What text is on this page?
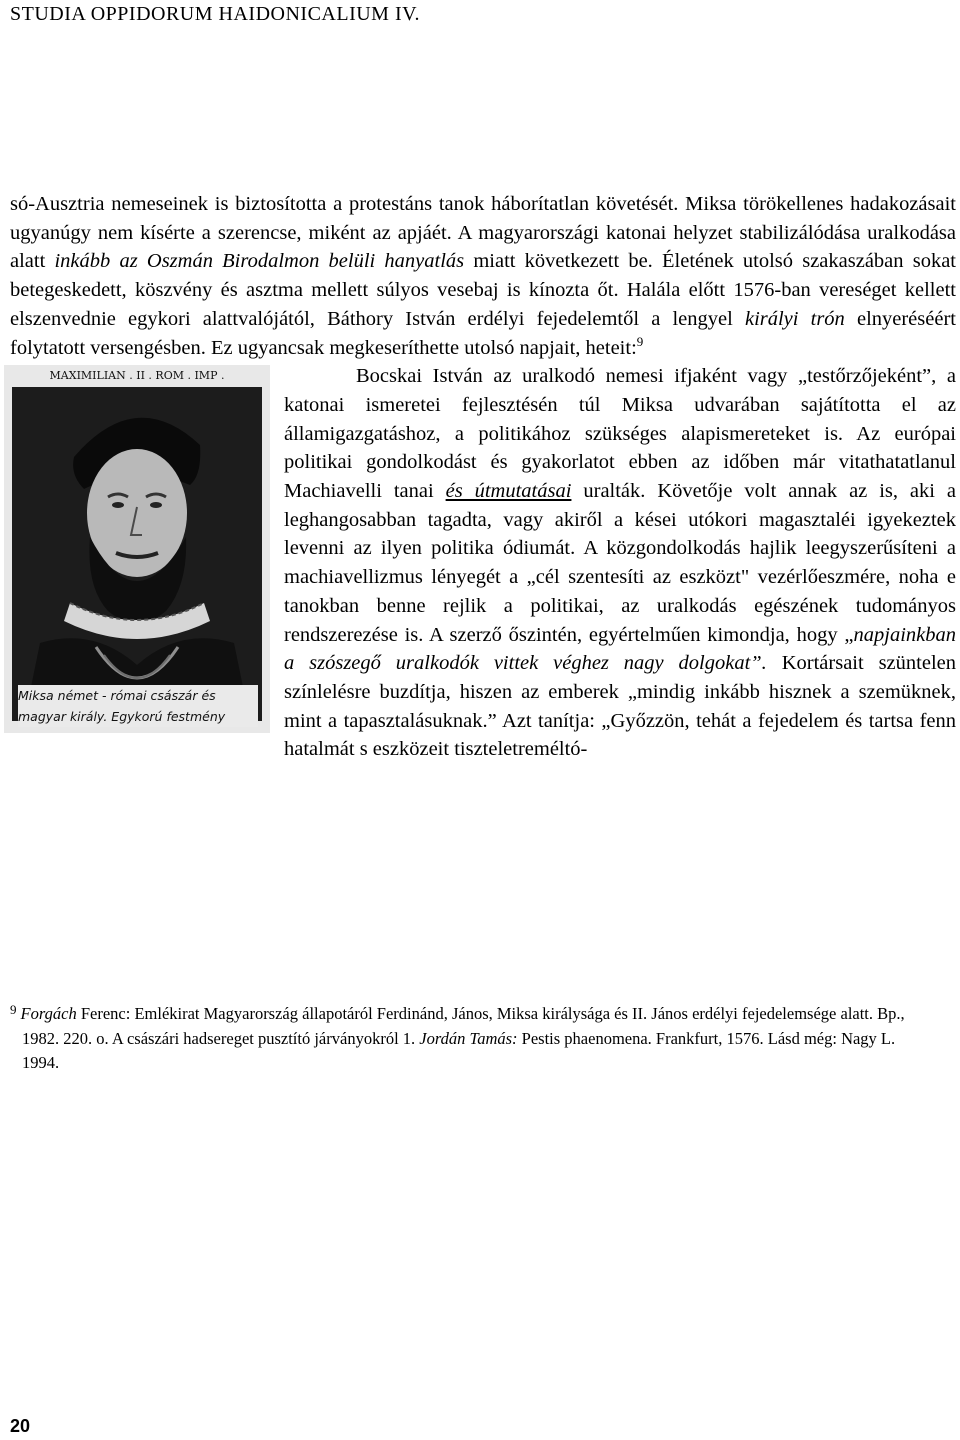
STUDIA OPPIDORUM HAIDONICALIUM IV.

só-Ausztria nemeseinek is biztosította a protestáns tanok háborítatlan követését. Miksa törökellenes hadakozásait ugyanúgy nem kísérte a szerencse, miként az apjáét. A magyarországi katonai helyzet stabilizálódása uralkodása alatt inkább az Oszmán Birodalmon belüli hanyatlás miatt következett be. Életének utolsó szakaszában sokat betegeskedett, köszvény és asztma mellett súlyos vesebaj is kínozta őt. Halála előtt 1576-ban vereséget kellett elszenvednie egykori alattvalójától, Báthory István erdélyi fejedelemtől a lengyel királyi trón elnyeréséért folytatott versengésben. Ez ugyancsak megkeseríthette utolsó napjait, heteit:$^9$

MAXIMILIAN . II . ROM . IMP .
Miksa német - római császár és
magyar király. Egykorú festmény

Bocskai István az uralkodó nemesi ifjaként vagy „testőrzőjeként”, a katonai ismeretei fejlesztésén túl Miksa udvarában sajátította el az államigazgatáshoz, a politikához szükséges alapismereteket is. Az európai politikai gondolkodást és gyakorlatot ebben az időben már vitathatatlanul Machiavelli tanai és útmutatásai uralták. Követője volt annak az is, aki a leghangosabban tagadta, vagy akiről a kései utókori magasztaléi igyekeztek levenni az ilyen politika ódiumát. A közgondolkodás hajlik leegyszerűsíteni a machiavellizmus lényegét a „cél szentesíti az eszközt" vezérlőeszmére, noha e tanokban benne rejlik a politikai, az uralkodás egészének tudományos rendszerezése is. A szerző őszintén, egyértelműen kimondja, hogy „napjainkban a szószegő uralkodók vittek véghez nagy dolgokat”. Kortársait szüntelen színlelésre buzdítja, hiszen az emberek „mindig inkább hisznek a szemüknek, mint a tapasztalásuknak.” Azt tanítja: „Győzzön, tehát a fejedelem és tartsa fenn hatalmát s eszközeit tiszteletreméltó-

$^9$ Forgách Ferenc: Emlékirat Magyarország állapotáról Ferdinánd, János, Miksa királysága és II. János erdélyi fejedelemsége alatt. Bp., 1982. 220. o. A császári hadsereget pusztító járványokról 1. Jordán Tamás: Pestis phaenomena. Frankfurt, 1576. Lásd még: Nagy L. 1994.

20
